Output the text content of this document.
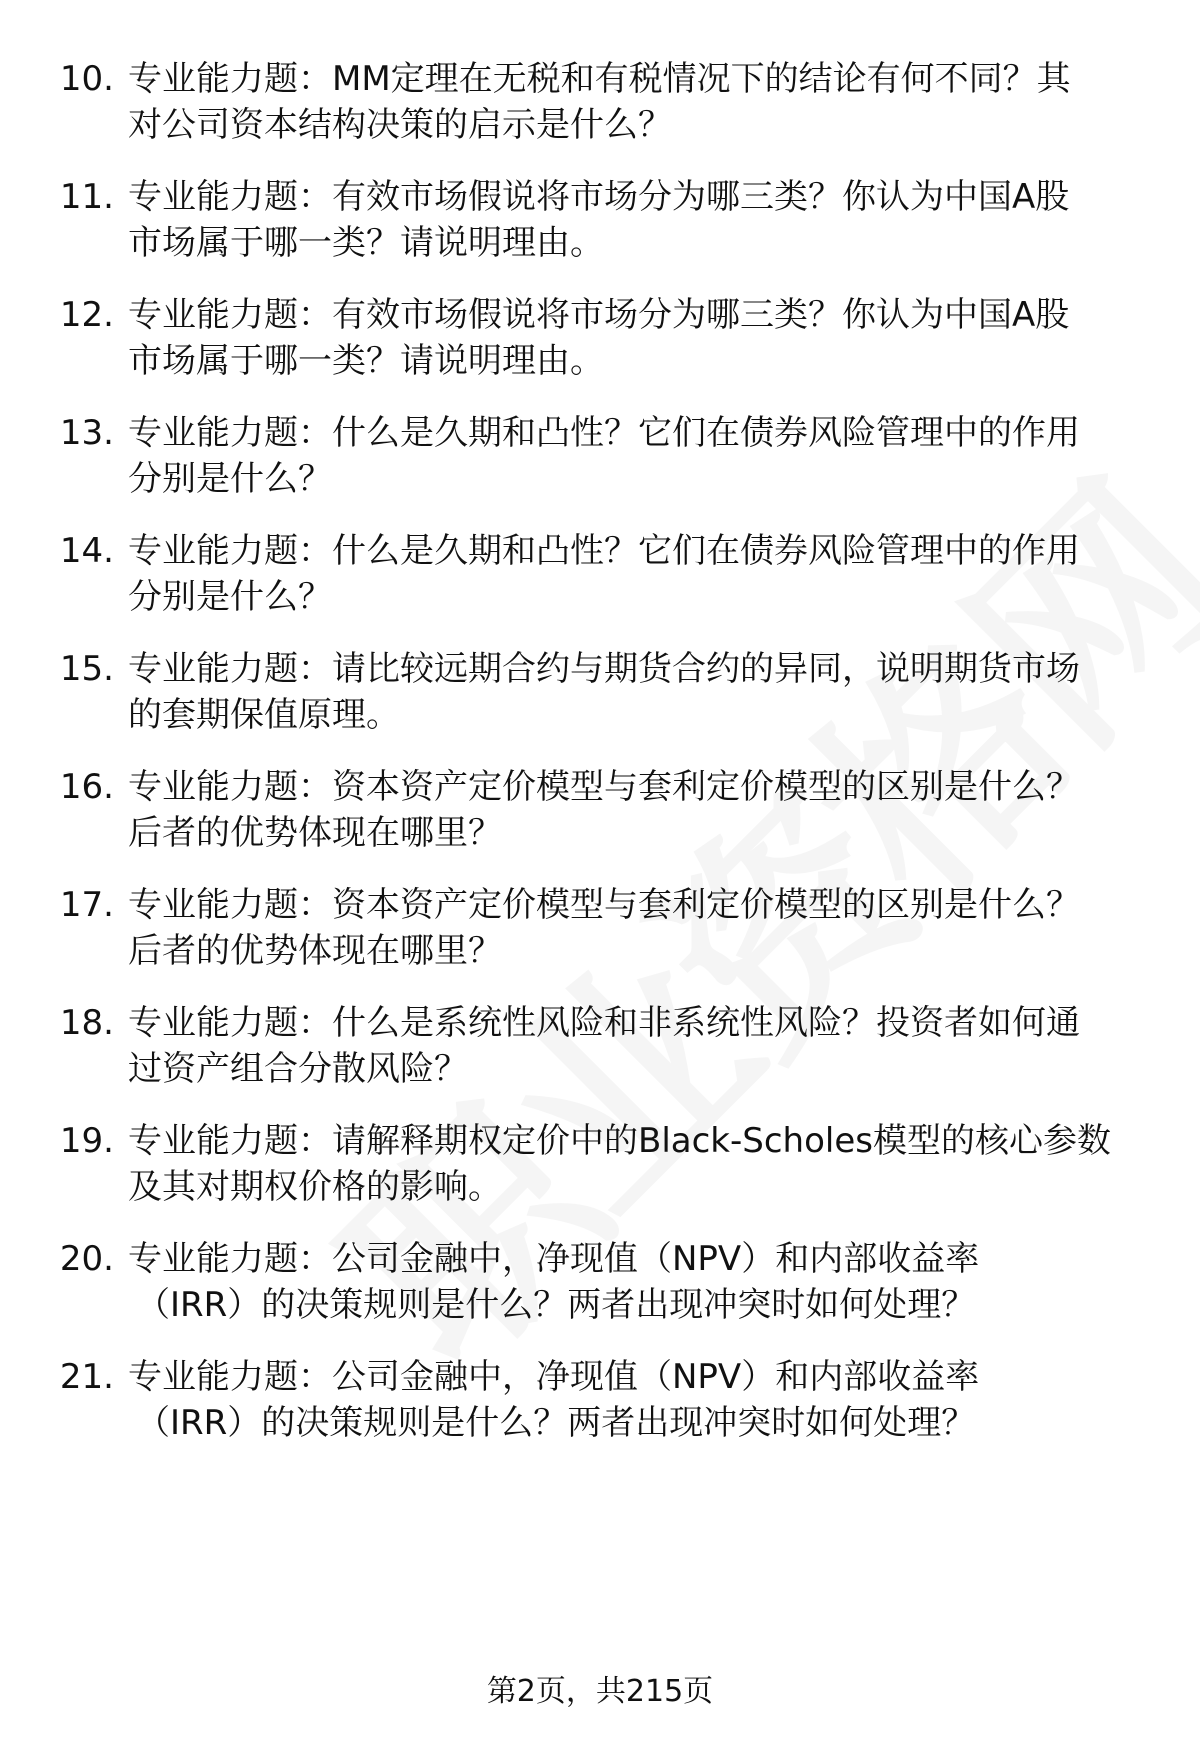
10. 专业能力题：MM定理在无税和有税情况下的结论有何不同？其
对公司资本结构决策的启示是什么？
11. 专业能力题：有效市场假说将市场分为哪三类？你认为中国A股
市场属于哪一类？请说明理由。
12. 专业能力题：有效市场假说将市场分为哪三类？你认为中国A股
市场属于哪一类？请说明理由。
13. 专业能力题：什么是久期和凸性？它们在债券风险管理中的作用
分别是什么？
14. 专业能力题：什么是久期和凸性？它们在债券风险管理中的作用
分别是什么？
15. 专业能力题：请比较远期合约与期货合约的异同，说明期货市场
的套期保值原理。
16. 专业能力题：资本资产定价模型与套利定价模型的区别是什么？
后者的优势体现在哪里？
17. 专业能力题：资本资产定价模型与套利定价模型的区别是什么？
后者的优势体现在哪里？
18. 专业能力题：什么是系统性风险和非系统性风险？投资者如何通
过资产组合分散风险？
19. 专业能力题：请解释期权定价中的Black-Scholes模型的核心参数
及其对期权价格的影响。
20. 专业能力题：公司金融中，净现值（NPV）和内部收益率
（IRR）的决策规则是什么？两者出现冲突时如何处理？
21. 专业能力题：公司金融中，净现值（NPV）和内部收益率
（IRR）的决策规则是什么？两者出现冲突时如何处理？
第2页，共215页
